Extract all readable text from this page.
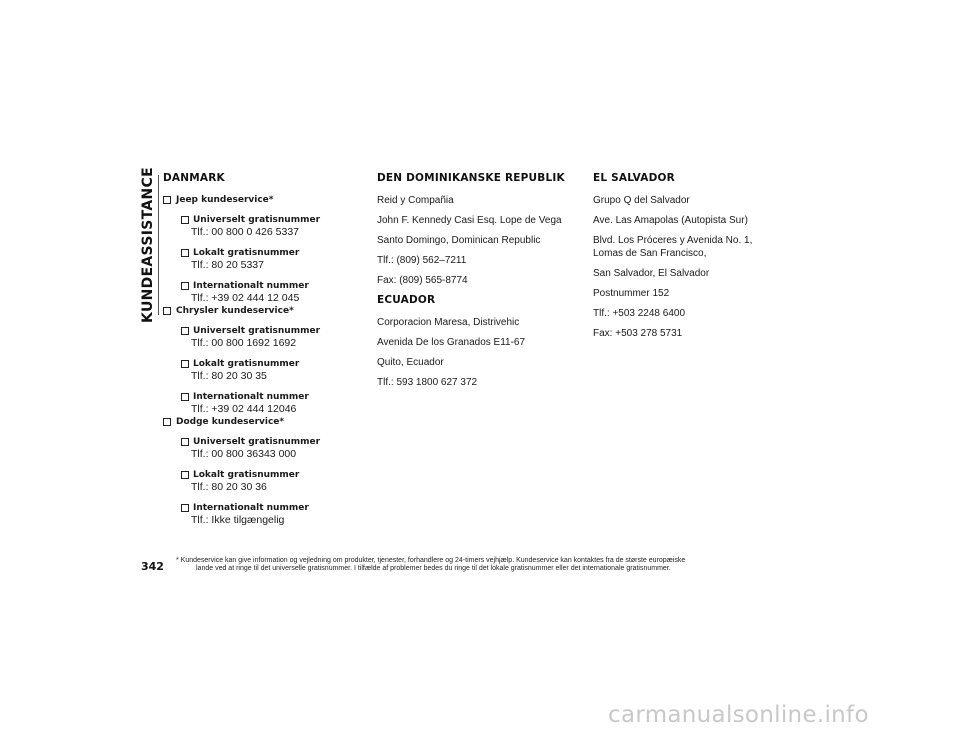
KUNDEASSISTANCE
342
DANMARK
Jeep kundeservice*
Universelt gratisnummer
Tlf.: 00 800 0 426 5337
Lokalt gratisnummer
Tlf.: 80 20 5337
Internationalt nummer
Tlf.: +39 02 444 12 045
Chrysler kundeservice*
Universelt gratisnummer
Tlf.: 00 800 1692 1692
Lokalt gratisnummer
Tlf.: 80 20 30 35
Internationalt nummer
Tlf.: +39 02 444 12046
Dodge kundeservice*
Universelt gratisnummer
Tlf.: 00 800 36343 000
Lokalt gratisnummer
Tlf.: 80 20 30 36
Internationalt nummer
Tlf.: Ikke tilgængelig
DEN DOMINIKANSKE REPUBLIK
Reid y Compañia
John F. Kennedy Casi Esq. Lope de Vega
Santo Domingo, Dominican Republic
Tlf.: (809) 562–7211
Fax: (809) 565-8774
ECUADOR
Corporacion Maresa, Distrivehic
Avenida De los Granados E11-67
Quito, Ecuador
Tlf.: 593 1800 627 372
EL SALVADOR
Grupo Q del Salvador
Ave. Las Amapolas (Autopista Sur)
Blvd. Los Próceres y Avenida No. 1,
Lomas de San Francisco,
San Salvador, El Salvador
Postnummer 152
Tlf.: +503 2248 6400
Fax: +503 278 5731
* Kundeservice kan give information og vejledning om produkter, tjenester, forhandlere og 24-timers vejhjælp. Kundeservice kan kontaktes fra de største europæiske
lande ved at ringe til det universelle gratisnummer. I tilfælde af problemer bedes du ringe til det lokale gratisnummer eller det internationale gratisnummer.
carmanualsonline.info
